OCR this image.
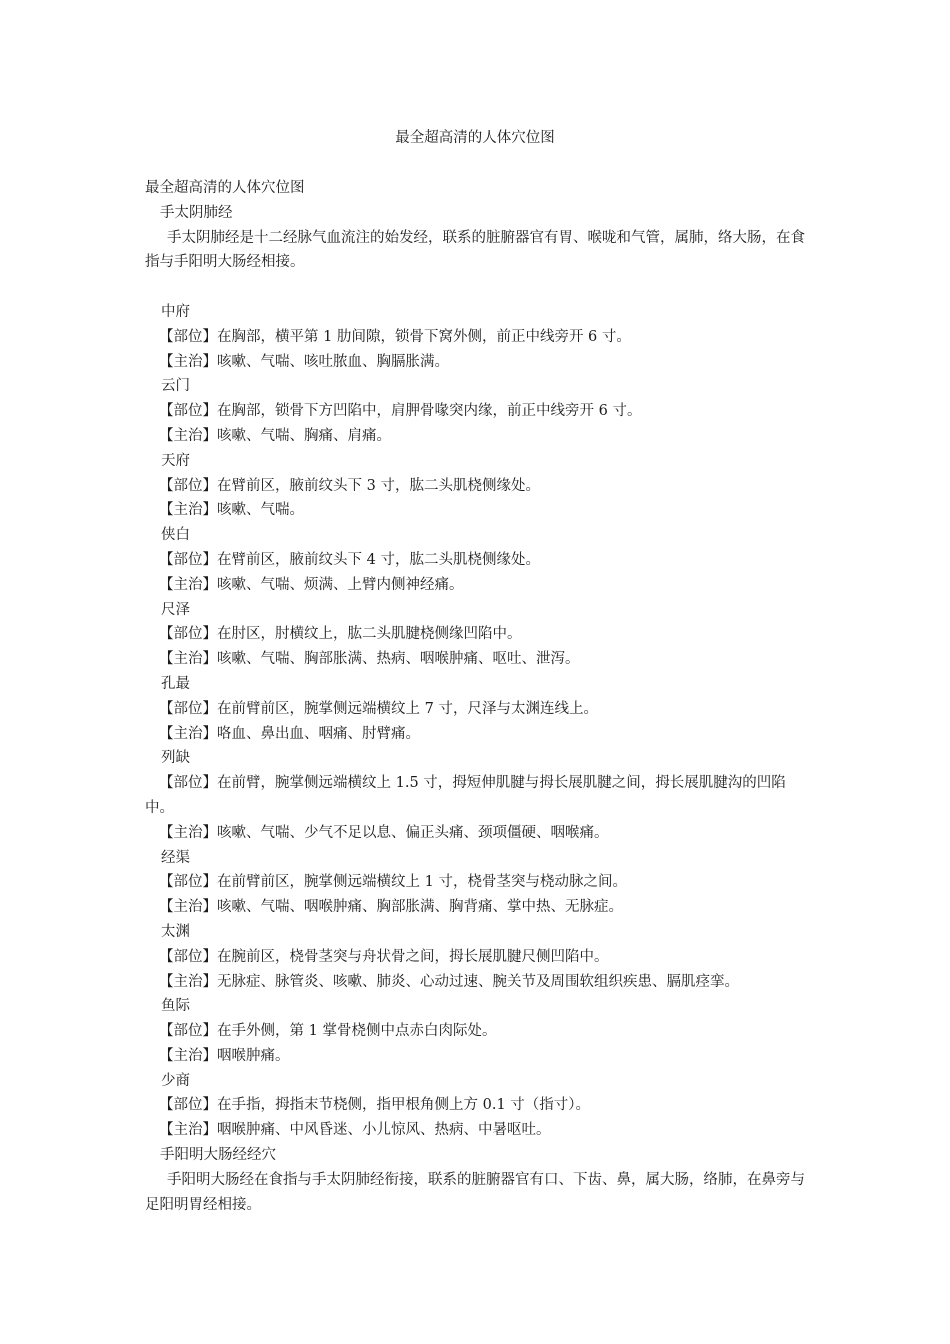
最全超高清的人体穴位图

最全超高清的人体穴位图

手太阴肺经

手太阴肺经是十二经脉气血流注的始发经，联系的脏腑器官有胃、喉咙和气管，属肺，络大肠，在食指与手阳明大肠经相接。

中府

【部位】在胸部，横平第 1 肋间隙，锁骨下窝外侧，前正中线旁开 6 寸。

【主治】咳嗽、气喘、咳吐脓血、胸膈胀满。

云门

【部位】在胸部，锁骨下方凹陷中，肩胛骨喙突内缘，前正中线旁开 6 寸。

【主治】咳嗽、气喘、胸痛、肩痛。

天府

【部位】在臂前区，腋前纹头下 3 寸，肱二头肌桡侧缘处。

【主治】咳嗽、气喘。

侠白

【部位】在臂前区，腋前纹头下 4 寸，肱二头肌桡侧缘处。

【主治】咳嗽、气喘、烦满、上臂内侧神经痛。

尺泽

【部位】在肘区，肘横纹上，肱二头肌腱桡侧缘凹陷中。

【主治】咳嗽、气喘、胸部胀满、热病、咽喉肿痛、呕吐、泄泻。

孔最

【部位】在前臂前区，腕掌侧远端横纹上 7 寸，尺泽与太渊连线上。

【主治】咯血、鼻出血、咽痛、肘臂痛。

列缺

【部位】在前臂，腕掌侧远端横纹上 1.5 寸，拇短伸肌腱与拇长展肌腱之间，拇长展肌腱沟的凹陷中。

【主治】咳嗽、气喘、少气不足以息、偏正头痛、颈项僵硬、咽喉痛。

经渠

【部位】在前臂前区，腕掌侧远端横纹上 1 寸，桡骨茎突与桡动脉之间。

【主治】咳嗽、气喘、咽喉肿痛、胸部胀满、胸背痛、掌中热、无脉症。

太渊

【部位】在腕前区，桡骨茎突与舟状骨之间，拇长展肌腱尺侧凹陷中。

【主治】无脉症、脉管炎、咳嗽、肺炎、心动过速、腕关节及周围软组织疾患、膈肌痉挛。

鱼际

【部位】在手外侧，第 1 掌骨桡侧中点赤白肉际处。

【主治】咽喉肿痛。

少商

【部位】在手指，拇指末节桡侧，指甲根角侧上方 0.1 寸（指寸）。

【主治】咽喉肿痛、中风昏迷、小儿惊风、热病、中暑呕吐。

手阳明大肠经经穴

手阳明大肠经在食指与手太阴肺经衔接，联系的脏腑器官有口、下齿、鼻，属大肠，络肺，在鼻旁与足阳明胃经相接。
